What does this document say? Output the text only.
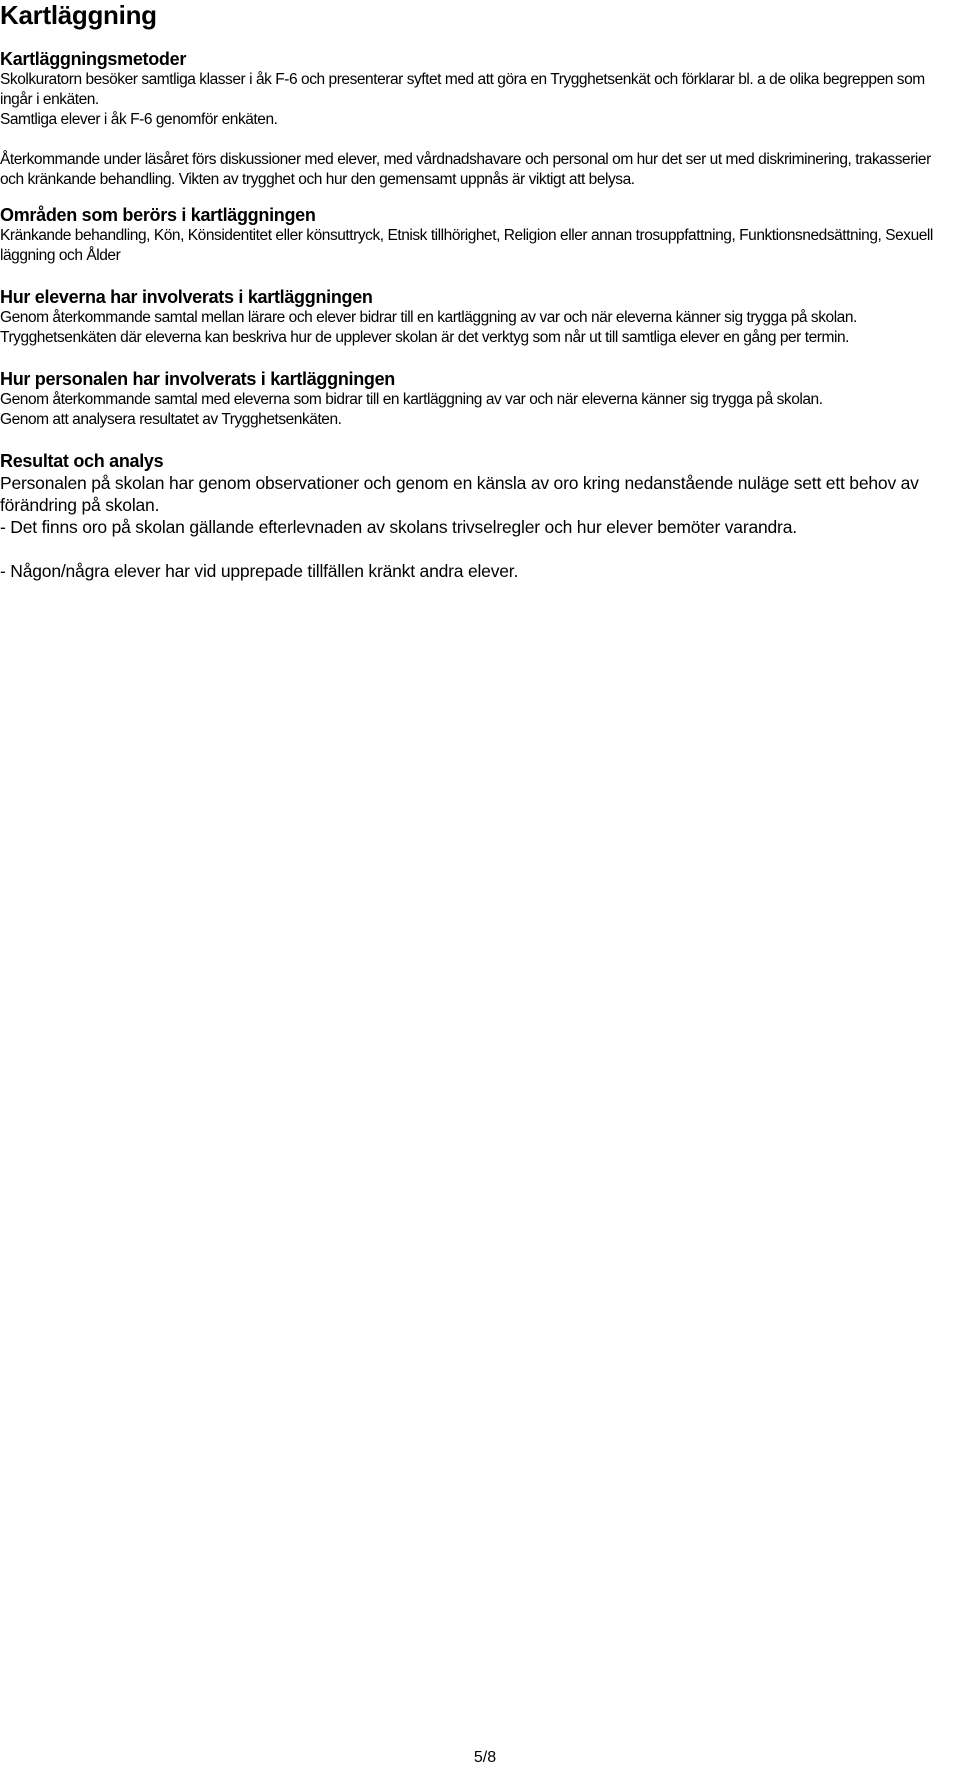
Kartläggning
Kartläggningsmetoder

Skolkuratorn besöker samtliga klasser i åk F-6 och presenterar syftet med att göra en Trygghetsenkät och förklarar bl. a de olika begreppen som ingår i enkäten.

Samtliga elever i åk F-6 genomför enkäten.

Återkommande under läsåret förs diskussioner med elever, med vårdnadshavare och personal om hur det ser ut med diskriminering, trakasserier och kränkande behandling. Vikten av trygghet och hur den gemensamt uppnås är viktigt att belysa.

Områden som berörs i kartläggningen

Kränkande behandling, Kön, Könsidentitet eller könsuttryck, Etnisk tillhörighet, Religion eller annan trosuppfattning, Funktionsnedsättning, Sexuell läggning och Ålder

Hur eleverna har involverats i kartläggningen

Genom återkommande samtal mellan lärare och elever bidrar till en kartläggning av var och när eleverna känner sig trygga på skolan. Trygghetsenkäten där eleverna kan beskriva hur de upplever skolan är det verktyg som når ut till samtliga elever en gång per termin.

Hur personalen har involverats i kartläggningen

Genom återkommande samtal med eleverna som bidrar till en kartläggning av var och när eleverna känner sig trygga på skolan.

Genom att analysera resultatet av Trygghetsenkäten.

Resultat och analys

Personalen på skolan har genom observationer och genom en känsla av oro kring nedanstående nuläge sett ett behov av förändring på skolan.

- Det finns oro på skolan gällande efterlevnaden av skolans trivselregler och hur elever bemöter varandra.

- Någon/några elever har vid upprepade tillfällen kränkt andra elever.

5/8
